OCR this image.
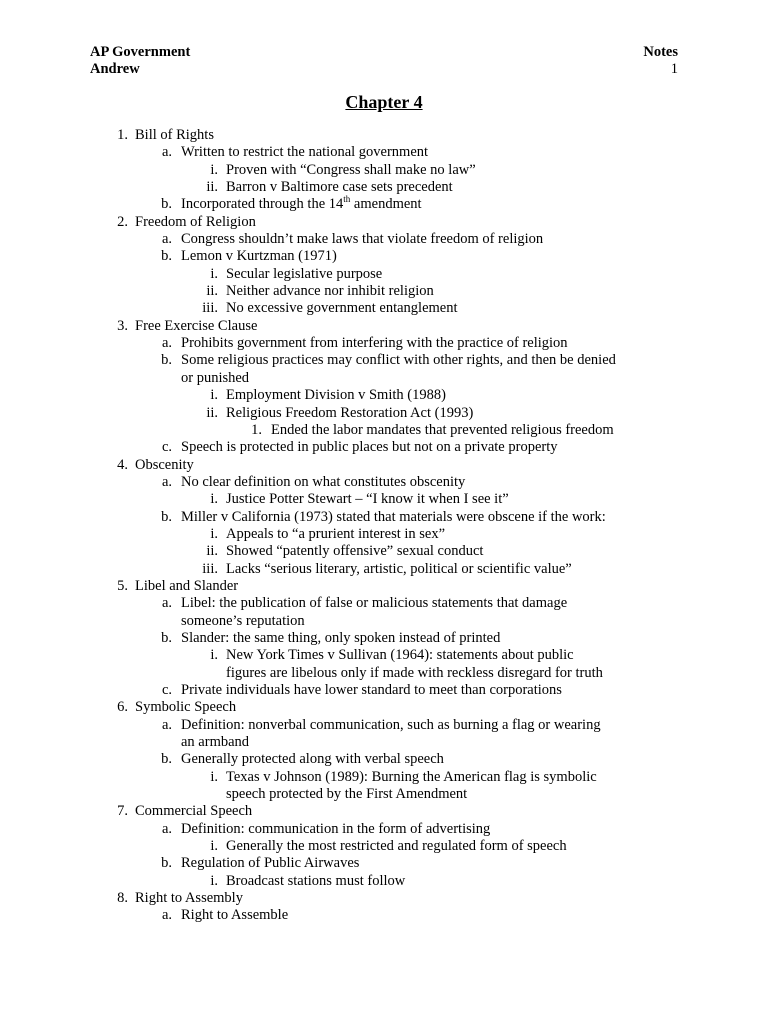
AP Government	Notes
Andrew	1
Chapter 4
1. Bill of Rights
a. Written to restrict the national government
i. Proven with “Congress shall make no law”
ii. Barron v Baltimore case sets precedent
b. Incorporated through the 14th amendment
2. Freedom of Religion
a. Congress shouldn’t make laws that violate freedom of religion
b. Lemon v Kurtzman (1971)
i. Secular legislative purpose
ii. Neither advance nor inhibit religion
iii. No excessive government entanglement
3. Free Exercise Clause
a. Prohibits government from interfering with the practice of religion
b. Some religious practices may conflict with other rights, and then be denied
or punished
i. Employment Division v Smith (1988)
ii. Religious Freedom Restoration Act (1993)
1. Ended the labor mandates that prevented religious freedom
c. Speech is protected in public places but not on a private property
4. Obscenity
a. No clear definition on what constitutes obscenity
i. Justice Potter Stewart – “I know it when I see it”
b. Miller v California (1973) stated that materials were obscene if the work:
i. Appeals to “a prurient interest in sex”
ii. Showed “patently offensive” sexual conduct
iii. Lacks “serious literary, artistic, political or scientific value”
5. Libel and Slander
a. Libel: the publication of false or malicious statements that damage
someone’s reputation
b. Slander: the same thing, only spoken instead of printed
i. New York Times v Sullivan (1964): statements about public
figures are libelous only if made with reckless disregard for truth
c. Private individuals have lower standard to meet than corporations
6. Symbolic Speech
a. Definition: nonverbal communication, such as burning a flag or wearing
an armband
b. Generally protected along with verbal speech
i. Texas v Johnson (1989): Burning the American flag is symbolic
speech protected by the First Amendment
7. Commercial Speech
a. Definition: communication in the form of advertising
i. Generally the most restricted and regulated form of speech
b. Regulation of Public Airwaves
i. Broadcast stations must follow
8. Right to Assembly
a. Right to Assemble
